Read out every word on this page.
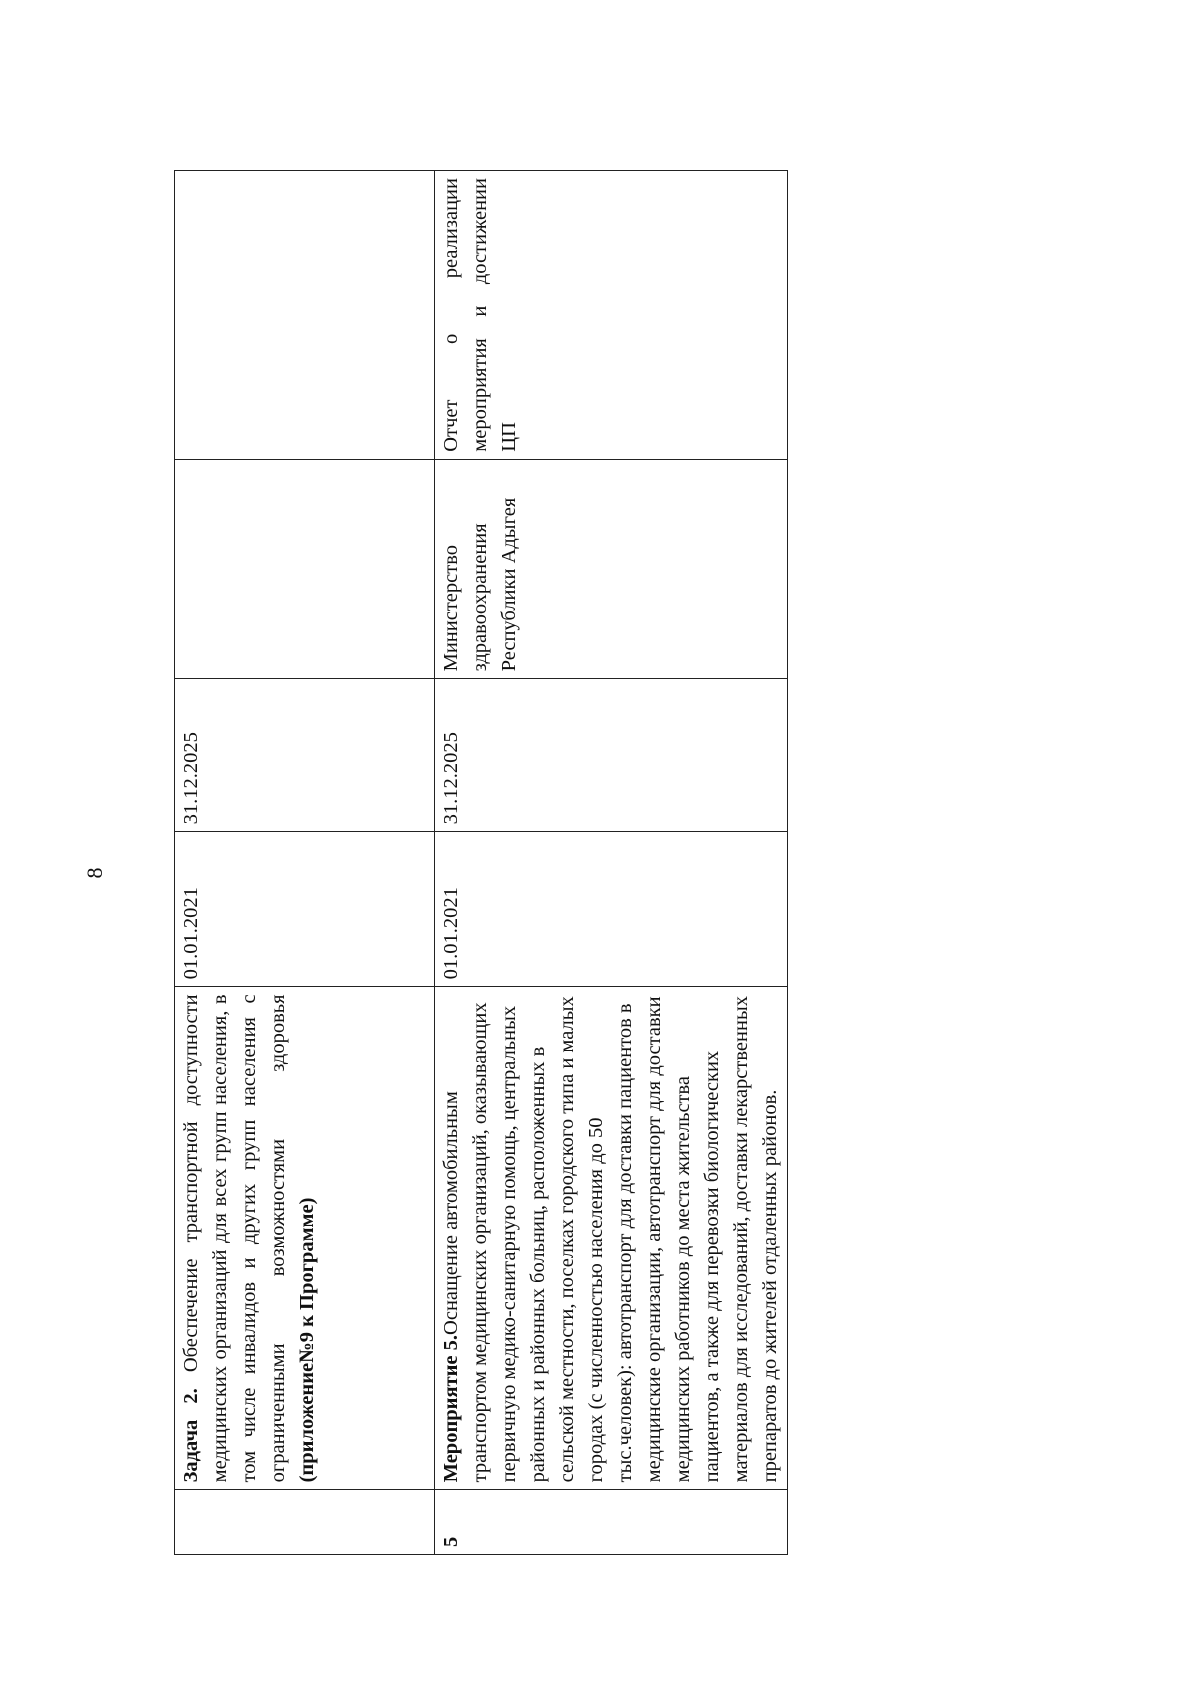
8
	Задача 2. Обеспечение транспортной доступности медицинских организаций для всех групп населения, в том числе инвалидов и других групп населения с ограниченными возможностями здоровья (приложение№9 к Программе)	01.01.2021	31.12.2025		
5	Мероприятие 5.Оснащение автомобильным транспортом медицинских организаций, оказывающих первичную медико-санитарную помощь, центральных районных и районных больниц, расположенных в сельской местности, поселках городского типа и малых городах (с численностью населения до 50 тыс.человек): автотранспорт для доставки пациентов в медицинские организации, автотранспорт для доставки медицинских работников до места жительства пациентов, а также для перевозки биологических материалов для исследований, доставки лекарственных препаратов до жителей отдаленных районов.	01.01.2021	31.12.2025	Министерство здравоохранения Республики Адыгея	Отчет о реализации мероприятия и достижении ЦП
